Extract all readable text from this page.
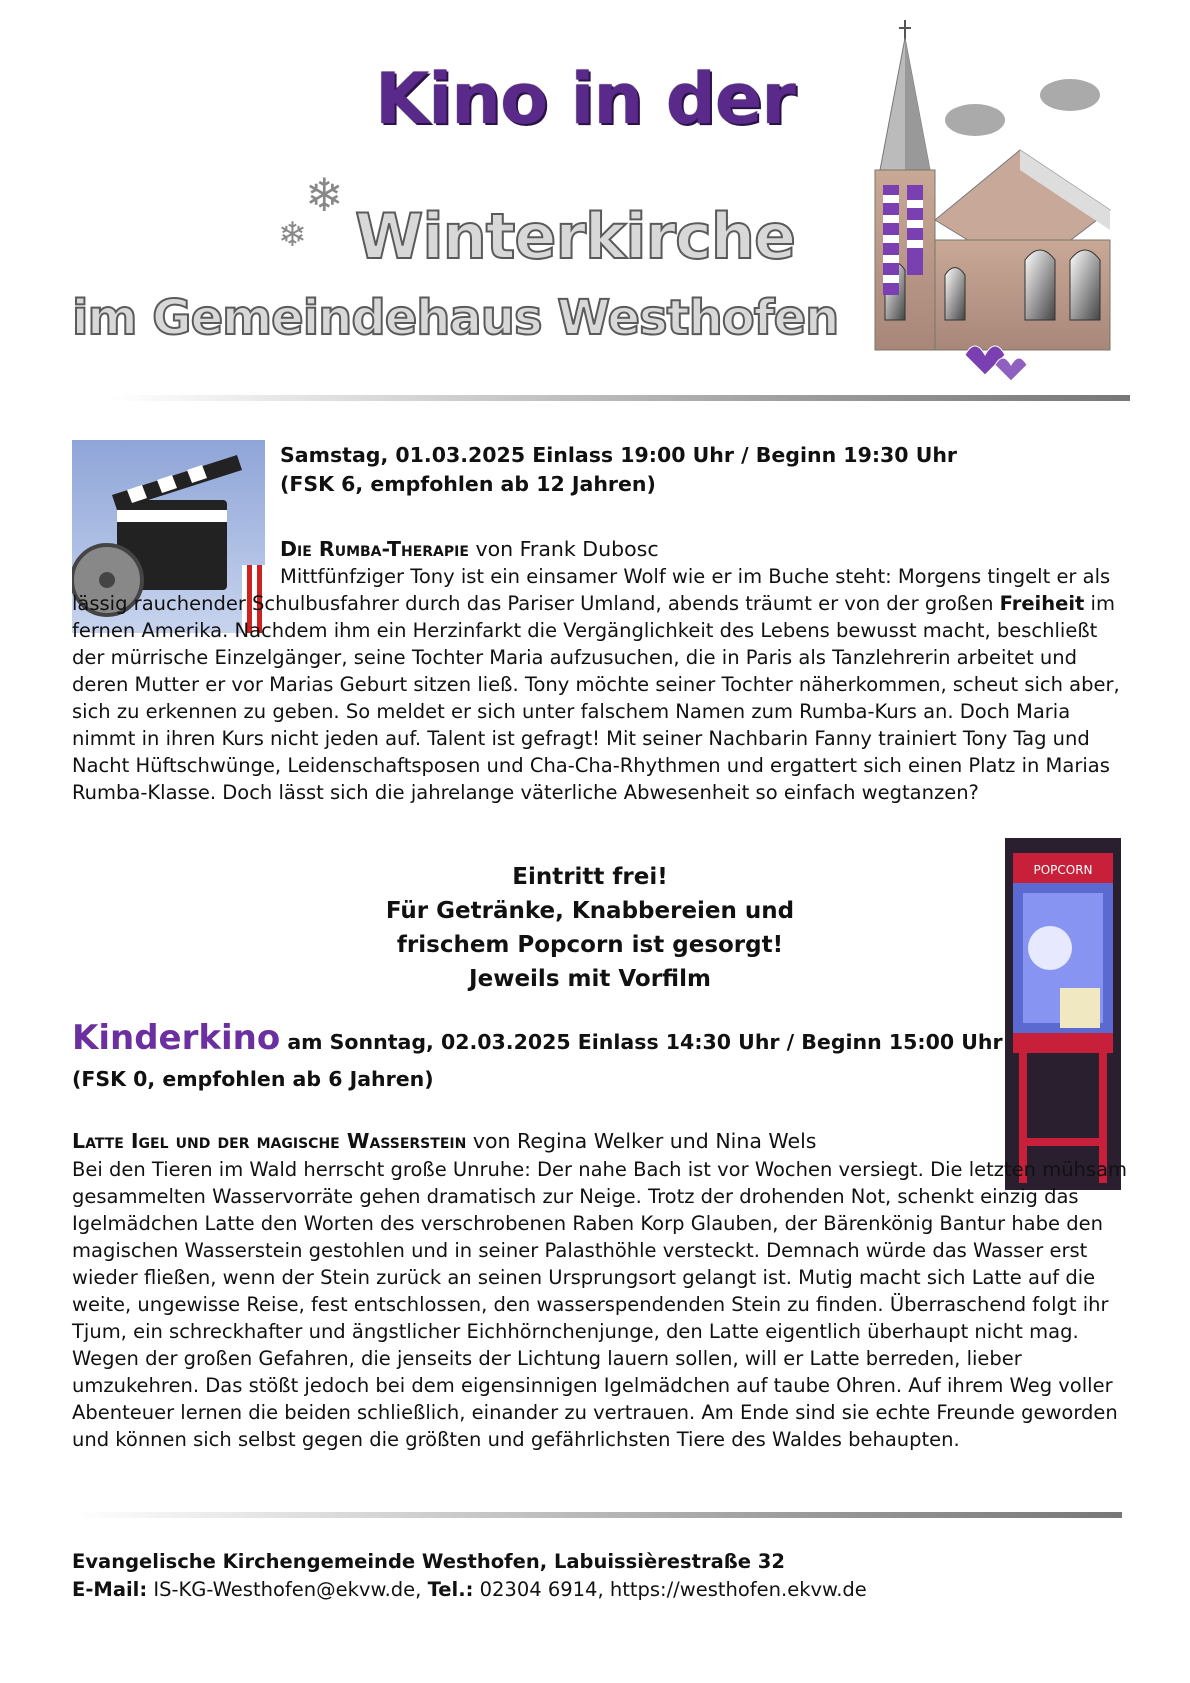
Kino in der
❄
❄ Winterkirche
im Gemeindehaus Westhofen
Samstag, 01.03.2025 Einlass 19:00 Uhr / Beginn 19:30 Uhr
(FSK 6, empfohlen ab 12 Jahren)
Die Rumba-Therapie von Frank Dubosc
Mittfünfziger Tony ist ein einsamer Wolf wie er im Buche steht: Morgens tingelt er als lässig rauchender Schulbusfahrer durch das Pariser Umland, abends träumt er von der großen Freiheit im fernen Amerika. Nachdem ihm ein Herzinfarkt die Vergänglichkeit des Lebens bewusst macht, beschließt der mürrische Einzelgänger, seine Tochter Maria aufzusuchen, die in Paris als Tanzlehrerin arbeitet und deren Mutter er vor Marias Geburt sitzen ließ. Tony möchte seiner Tochter näherkommen, scheut sich aber, sich zu erkennen zu geben. So meldet er sich unter falschem Namen zum Rumba-Kurs an. Doch Maria nimmt in ihren Kurs nicht jeden auf. Talent ist gefragt! Mit seiner Nachbarin Fanny trainiert Tony Tag und Nacht Hüftschwünge, Leidenschaftsposen und Cha-Cha-Rhythmen und ergattert sich einen Platz in Marias Rumba-Klasse. Doch lässt sich die jahrelange väterliche Abwesenheit so einfach wegtanzen?

Eintritt frei!

Für Getränke, Knabbereien und

frischem Popcorn ist gesorgt!

Jeweils mit Vorfilm

POPCORN
Kinderkino am Sonntag, 02.03.2025 Einlass 14:30 Uhr / Beginn 15:00 Uhr
(FSK 0, empfohlen ab 6 Jahren)
Latte Igel und der magische Wasserstein von Regina Welker und Nina Wels
Bei den Tieren im Wald herrscht große Unruhe: Der nahe Bach ist vor Wochen versiegt. Die letzten mühsam gesammelten Wasservorräte gehen dramatisch zur Neige. Trotz der drohenden Not, schenkt einzig das Igelmädchen Latte den Worten des verschrobenen Raben Korp Glauben, der Bärenkönig Bantur habe den magischen Wasserstein gestohlen und in seiner Palasthöhle versteckt. Demnach würde das Wasser erst wieder fließen, wenn der Stein zurück an seinen Ursprungsort gelangt ist. Mutig macht sich Latte auf die weite, ungewisse Reise, fest entschlossen, den wasserspendenden Stein zu finden. Überraschend folgt ihr Tjum, ein schreckhafter und ängstlicher Eichhörnchenjunge, den Latte eigentlich überhaupt nicht mag. Wegen der großen Gefahren, die jenseits der Lichtung lauern sollen, will er Latte berreden, lieber umzukehren. Das stößt jedoch bei dem eigensinnigen Igelmädchen auf taube Ohren. Auf ihrem Weg voller Abenteuer lernen die beiden schließlich, einander zu vertrauen. Am Ende sind sie echte Freunde geworden und können sich selbst gegen die größten und gefährlichsten Tiere des Waldes behaupten.
Evangelische Kirchengemeinde Westhofen, Labuissièrestraße 32
E-Mail: IS-KG-Westhofen@ekvw.de, Tel.: 02304 6914, https://westhofen.ekvw.de
